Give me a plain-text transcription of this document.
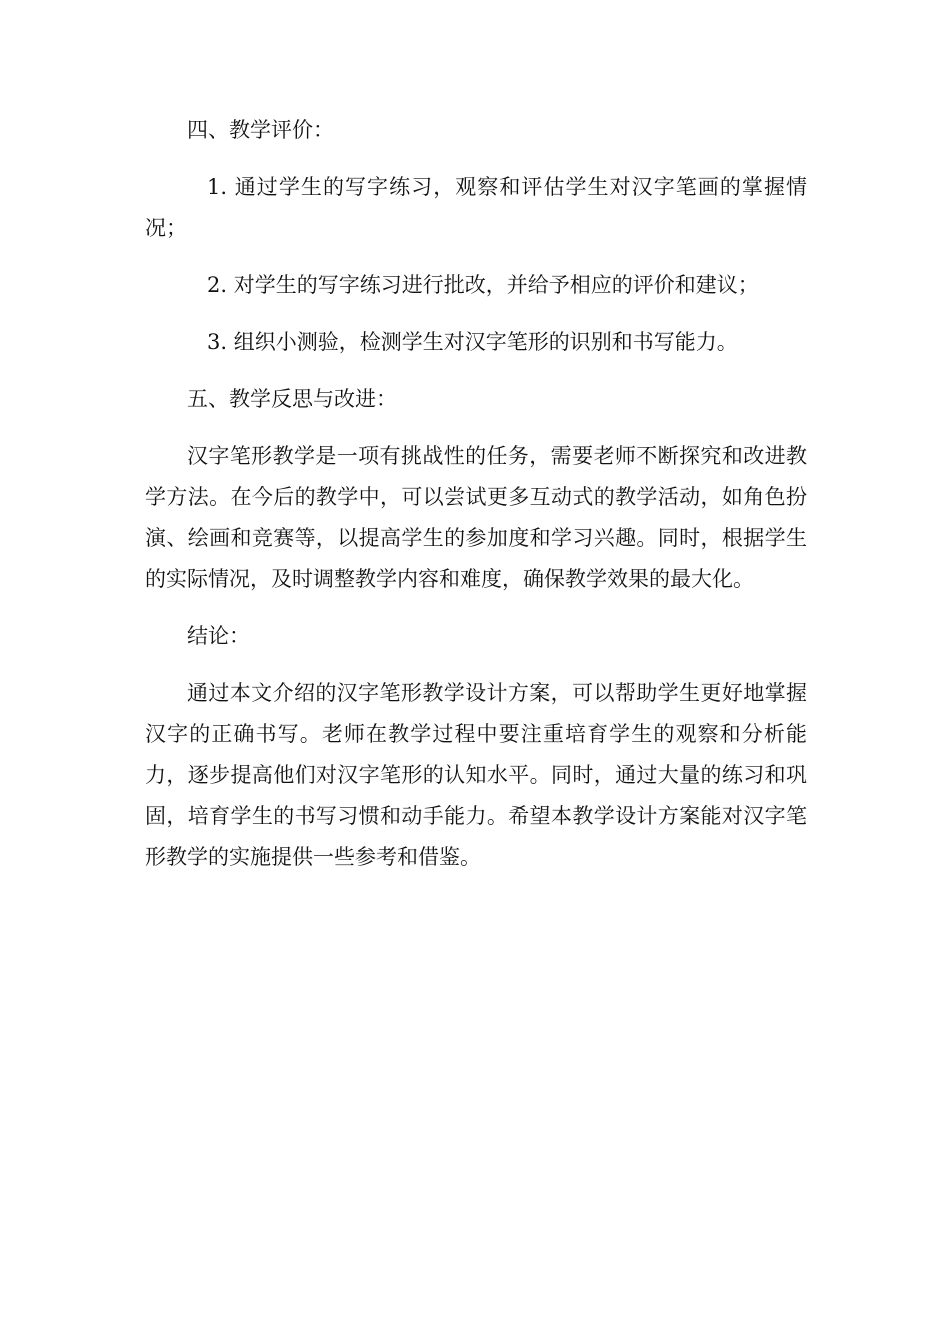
四、教学评价：

1. 通过学生的写字练习，观察和评估学生对汉字笔画的掌握情况；

2. 对学生的写字练习进行批改，并给予相应的评价和建议；

3. 组织小测验，检测学生对汉字笔形的识别和书写能力。

五、教学反思与改进：

汉字笔形教学是一项有挑战性的任务，需要老师不断探究和改进教学方法。在今后的教学中，可以尝试更多互动式的教学活动，如角色扮演、绘画和竞赛等，以提高学生的参加度和学习兴趣。同时，根据学生的实际情况，及时调整教学内容和难度，确保教学效果的最大化。

结论：

通过本文介绍的汉字笔形教学设计方案，可以帮助学生更好地掌握汉字的正确书写。老师在教学过程中要注重培育学生的观察和分析能力，逐步提高他们对汉字笔形的认知水平。同时，通过大量的练习和巩固，培育学生的书写习惯和动手能力。希望本教学设计方案能对汉字笔形教学的实施提供一些参考和借鉴。
